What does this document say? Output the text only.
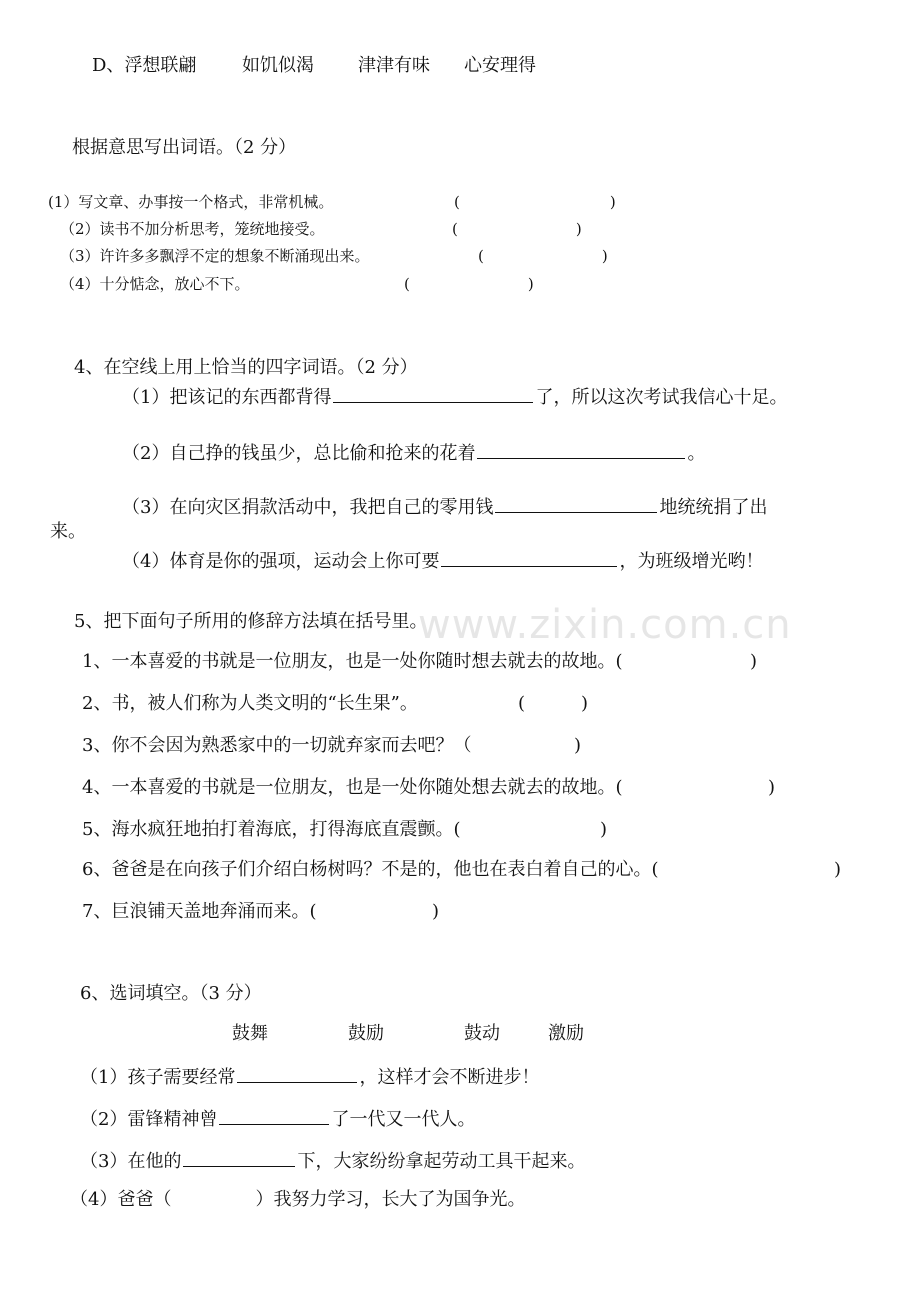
D、浮想联翩	如饥似渴 津津有味 心安理得
根据意思写出词语。（2 分）
(1）写文章、办事按一个格式，非常机械。	(	)
（2）读书不加分析思考，笼统地接受。	(	)
（3）许许多多飘浮不定的想象不断涌现出来。	(	)
（4）十分惦念，放心不下。	(	)
4、在空线上用上恰当的四字词语。（2 分）
（1）把该记的东西都背得	了，所以这次考试我信心十足。
（2）自己挣的钱虽少，总比偷和抢来的花着	。
（3）在向灾区捐款活动中，我把自己的零用钱	地统统捐了出
来。
（4）体育是你的强项，运动会上你可要	，为班级增光哟！
www.zixin.com.cn
5、把下面句子所用的修辞方法填在括号里。
1、一本喜爱的书就是一位朋友，也是一处你随时想去就去的故地。(	)
2、书，被人们称为人类文明的“长生果”。	(	)
3、你不会因为熟悉家中的一切就弃家而去吧？（	)
4、一本喜爱的书就是一位朋友，也是一处你随处想去就去的故地。(	)
5、海水疯狂地拍打着海底，打得海底直震颤。(	)
6、爸爸是在向孩子们介绍白杨树吗？不是的，他也在表白着自己的心。(	)
7、巨浪铺天盖地奔涌而来。(	)
6、选词填空。（3 分）
鼓舞	鼓励	鼓动	激励
（1）孩子需要经常	，这样才会不断进步！
（2）雷锋精神曾	了一代又一代人。
（3）在他的	下，大家纷纷拿起劳动工具干起来。
（4）爸爸（	）我努力学习，长大了为国争光。
